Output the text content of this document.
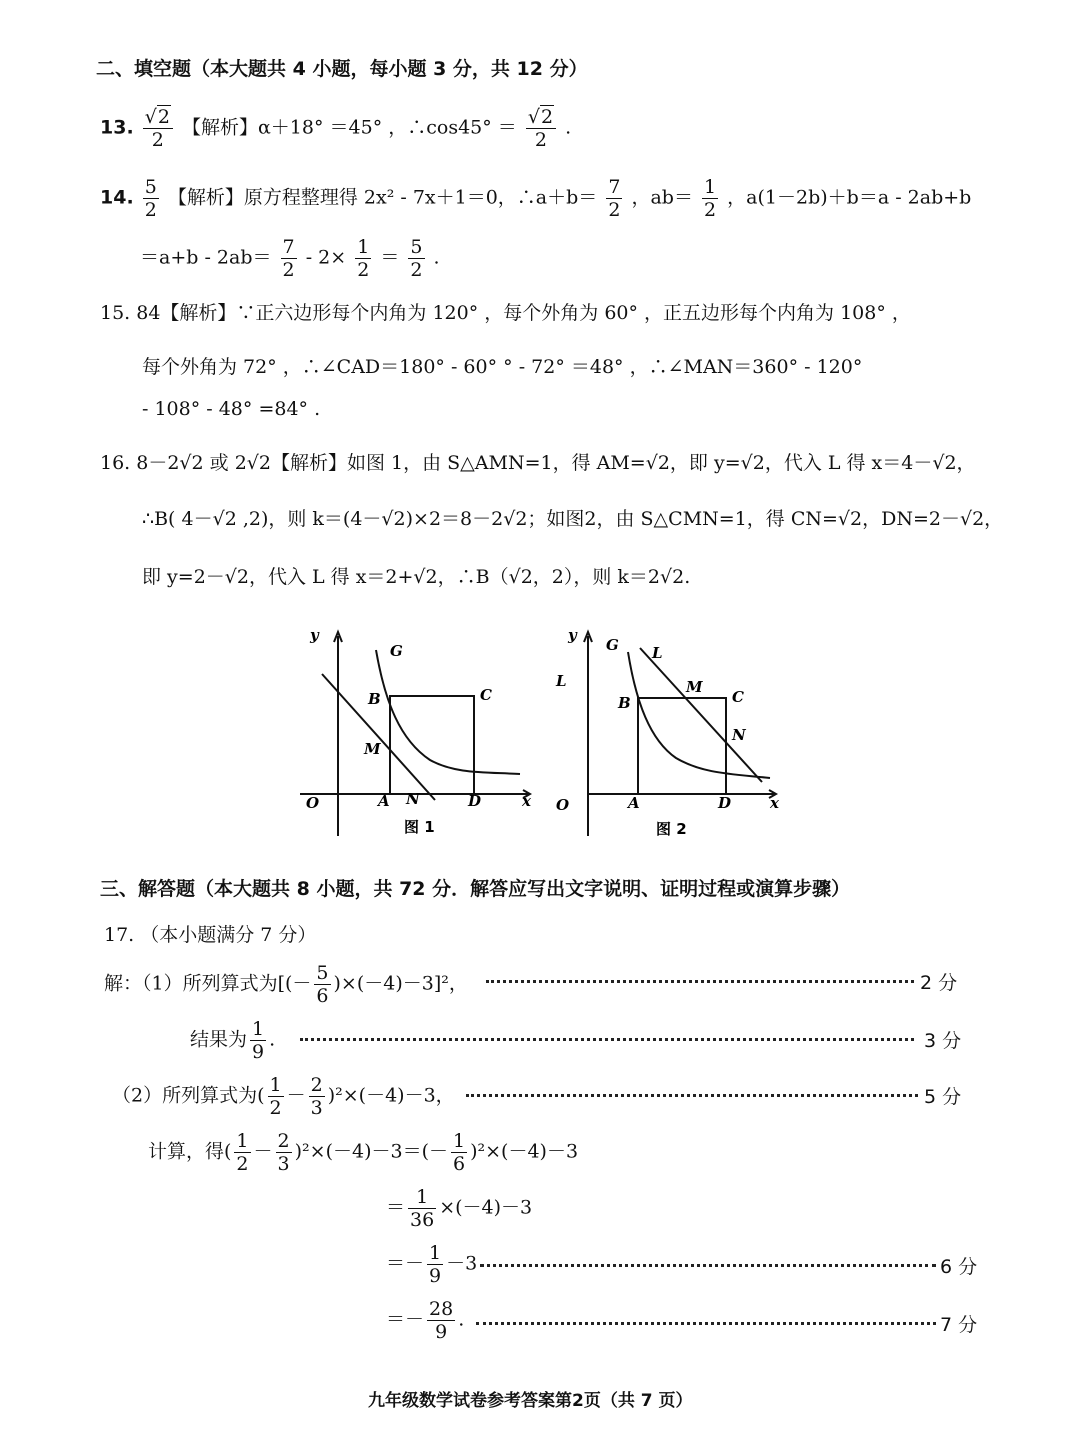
二、填空题（本大题共 4 小题，每小题 3 分，共 12 分）
13. $\frac{√2}{2}$ 【解析】α＋18° ＝45° ，∴cos45° ＝ $\frac{√2}{2}$ .
14. $\frac{5}{2}$ 【解析】原方程整理得 2x² - 7x＋1＝0，∴a＋b＝ $\frac{7}{2}$ ，$ab= \frac{1}{2}$ ，a(1－2b)＋b＝a - 2ab+b
$=a+b - 2ab= \frac{7}{2} - 2\times \frac{1}{2} = \frac{5}{2}$ .
15. 84【解析】∵正六边形每个内角为 120° ，每个外角为 60° ，正五边形每个内角为 108° ，
每个外角为 72° ，∴∠CAD＝180° - 60° ° - 72° ＝48° ，∴∠MAN＝360° - 120°
- 108° - 48° =84° .
16. 8－2√2 或 2√2【解析】如图 1，由 S△AMN=1，得 AM=√2，即 y=√2，代入 L 得 x＝4－√2，
∴B( 4－√2 ,2)，则 k＝(4－√2)×2＝8－2√2；如图2，由 S△CMN=1，得 CN=√2，DN=2－√2，
即 y=2－√2，代入 L 得 x＝2+√2，∴B（√2，2），则 k＝2√2.
y
G
B	C
M
O	A N	D	x
图 1
y
G L
L	M
B	C
N
O	A	D	x
图 2
三、解答题（本大题共 8 小题，共 72 分．解答应写出文字说明、证明过程或演算步骤）
17. （本小题满分 7 分）
解：（1）所列算式为[(－ $\frac{5}{6} )\times(-4)-3]^2$，	2 分
结果为 $\frac{1}{9}$ .	3 分
（2）所列算式为( $\frac{1}{2} - \frac{2}{3} )^2\times(-4)-3$，	5 分
计算，得( $\frac{1}{2} - \frac{2}{3} )^2\times(-4)-3=(- \frac{1}{6} )^2\times(-4)-3$
＝ $\frac{1}{36} \times(-4)-3$
＝－ $\frac{1}{9} -3$	6 分
＝－ $\frac{28}{9}$ .	7 分
九年级数学试卷参考答案第2页（共 7 页）
